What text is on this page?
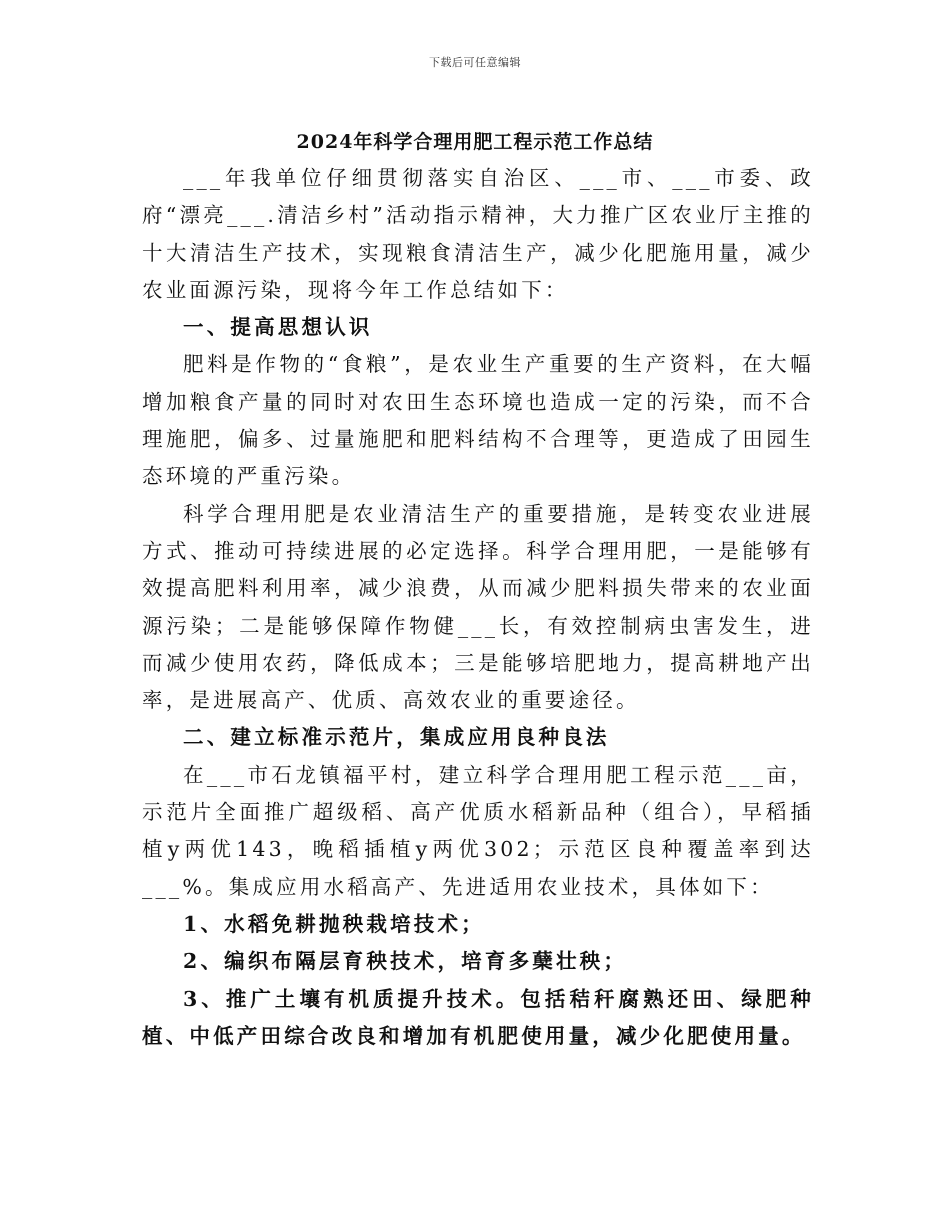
下载后可任意编辑
2024年科学合理用肥工程示范工作总结

___年我单位仔细贯彻落实自治区、___市、___市委、政府“漂亮___.清洁乡村”活动指示精神，大力推广区农业厅主推的十大清洁生产技术，实现粮食清洁生产，减少化肥施用量，减少农业面源污染，现将今年工作总结如下：

一、提高思想认识

肥料是作物的“食粮”，是农业生产重要的生产资料，在大幅增加粮食产量的同时对农田生态环境也造成一定的污染，而不合理施肥，偏多、过量施肥和肥料结构不合理等，更造成了田园生态环境的严重污染。

科学合理用肥是农业清洁生产的重要措施，是转变农业进展方式、推动可持续进展的必定选择。科学合理用肥，一是能够有效提高肥料利用率，减少浪费，从而减少肥料损失带来的农业面源污染；二是能够保障作物健___长，有效控制病虫害发生，进而减少使用农药，降低成本；三是能够培肥地力，提高耕地产出率，是进展高产、优质、高效农业的重要途径。

二、建立标准示范片，集成应用良种良法

在___市石龙镇福平村，建立科学合理用肥工程示范___亩，示范片全面推广超级稻、高产优质水稻新品种（组合），早稻插植y两优143，晚稻插植y两优302；示范区良种覆盖率到达___%。集成应用水稻高产、先进适用农业技术，具体如下：

1、水稻免耕抛秧栽培技术；

2、编织布隔层育秧技术，培育多蘖壮秧；

3、推广土壤有机质提升技术。包括秸秆腐熟还田、绿肥种植、中低产田综合改良和增加有机肥使用量，减少化肥使用量。
